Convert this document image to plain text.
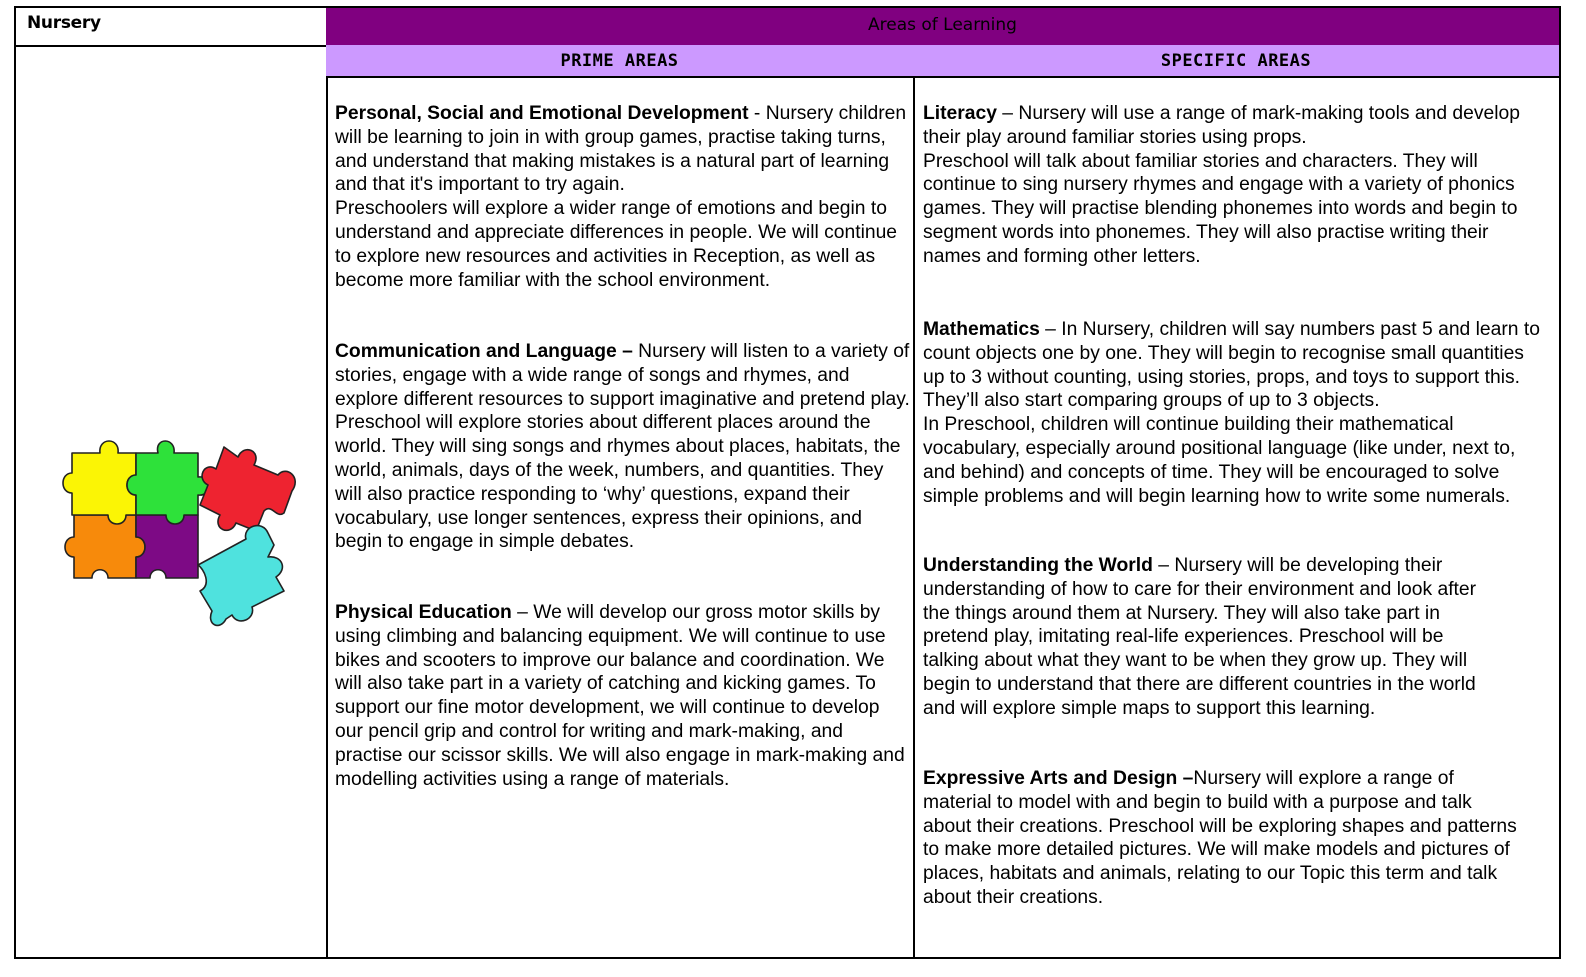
Nursery	Areas of Learning
PRIME AREAS	SPECIFIC AREAS

Personal, Social and Emotional Development - Nursery children will be learning to join in with group games, practise taking turns, and understand that making mistakes is a natural part of learning and that it's important to try again.
Preschoolers will explore a wider range of emotions and begin to understand and appreciate differences in people. We will continue to explore new resources and activities in Reception, as well as become more familiar with the school environment.

Communication and Language – Nursery will listen to a variety of stories, engage with a wide range of songs and rhymes, and explore different resources to support imaginative and pretend play. Preschool will explore stories about different places around the world. They will sing songs and rhymes about places, habitats, the world, animals, days of the week, numbers, and quantities. They will also practice responding to ‘why’ questions, expand their vocabulary, use longer sentences, express their opinions, and begin to engage in simple debates.

Physical Education – We will develop our gross motor skills by using climbing and balancing equipment. We will continue to use bikes and scooters to improve our balance and coordination. We will also take part in a variety of catching and kicking games. To support our fine motor development, we will continue to develop our pencil grip and control for writing and mark-making, and practise our scissor skills. We will also engage in mark-making and modelling activities using a range of materials.

Literacy – Nursery will use a range of mark-making tools and develop their play around familiar stories using props.
Preschool will talk about familiar stories and characters. They will continue to sing nursery rhymes and engage with a variety of phonics games. They will practise blending phonemes into words and begin to segment words into phonemes. They will also practise writing their names and forming other letters.

Mathematics – In Nursery, children will say numbers past 5 and learn to count objects one by one. They will begin to recognise small quantities up to 3 without counting, using stories, props, and toys to support this. They’ll also start comparing groups of up to 3 objects.
In Preschool, children will continue building their mathematical vocabulary, especially around positional language (like under, next to, and behind) and concepts of time. They will be encouraged to solve simple problems and will begin learning how to write some numerals.

Understanding the World – Nursery will be developing their understanding of how to care for their environment and look after the things around them at Nursery. They will also take part in pretend play, imitating real-life experiences. Preschool will be talking about what they want to be when they grow up. They will begin to understand that there are different countries in the world and will explore simple maps to support this learning.

Expressive Arts and Design –Nursery will explore a range of material to model with and begin to build with a purpose and talk about their creations. Preschool will be exploring shapes and patterns to make more detailed pictures. We will make models and pictures of places, habitats and animals, relating to our Topic this term and talk about their creations.
